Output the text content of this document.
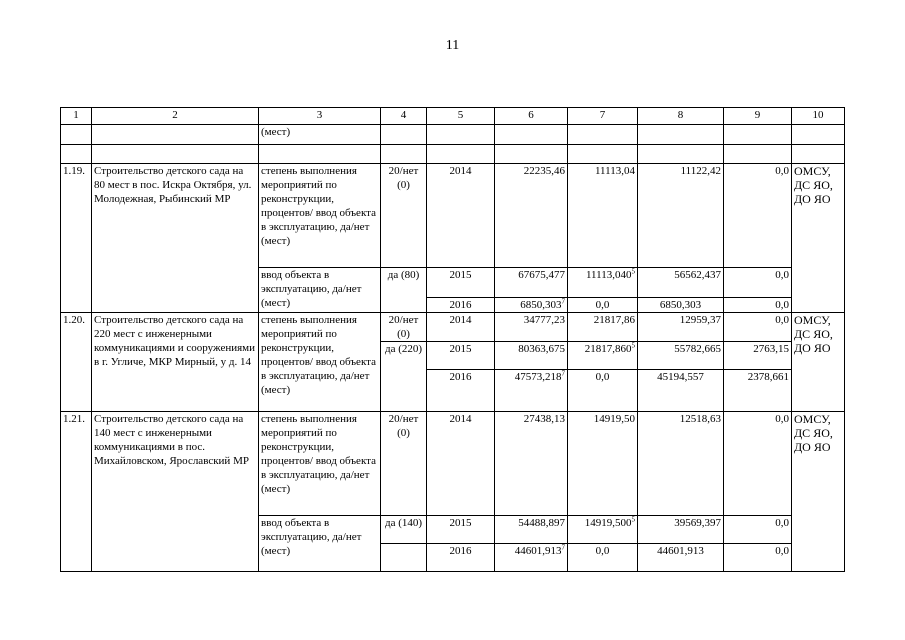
11
1	2	3	4	5	6	7	8	9	10
		(мест)							

1.19.	Строительство детского сада на 80 мест в пос. Искра Октября, ул. Молодежная, Рыбинский МР	степень выполнения мероприятий по реконструкции, процентов/ ввод объекта в эксплуатацию, да/нет (мест)	20/нет (0)	2014	22235,46	11113,04	11122,42	0,0	ОМСУ, ДС ЯО, ДО ЯО
		ввод объекта в эксплуатацию, да/нет (мест)	да (80)	2015	67675,477	11113,040$^5$	56562,437	0,0	
				2016	6850,303$^7$	0,0	6850,303	0,0	
1.20.	Строительство детского сада на 220 мест с инженерными коммуникациями и сооружениями в г. Угличе, МКР Мирный, у д. 14	степень выполнения мероприятий по реконструкции, процентов/ ввод объекта в эксплуатацию, да/нет (мест)	20/нет (0)	2014	34777,23	21817,86	12959,37	0,0	ОМСУ, ДС ЯО, ДО ЯО
			да (220)	2015	80363,675	21817,860$^5$	55782,665	2763,15	
				2016	47573,218$^7$	0,0	45194,557	2378,661	
1.21.	Строительство детского сада на 140 мест с инженерными коммуникациями в пос. Михайловском, Ярославский МР	степень выполнения мероприятий по реконструкции, процентов/ ввод объекта в эксплуатацию, да/нет (мест)	20/нет (0)	2014	27438,13	14919,50	12518,63	0,0	ОМСУ, ДС ЯО, ДО ЯО
		ввод объекта в эксплуатацию, да/нет (мест)	да (140)	2015	54488,897	14919,500$^5$	39569,397	0,0	
				2016	44601,913$^7$	0,0	44601,913	0,0	
